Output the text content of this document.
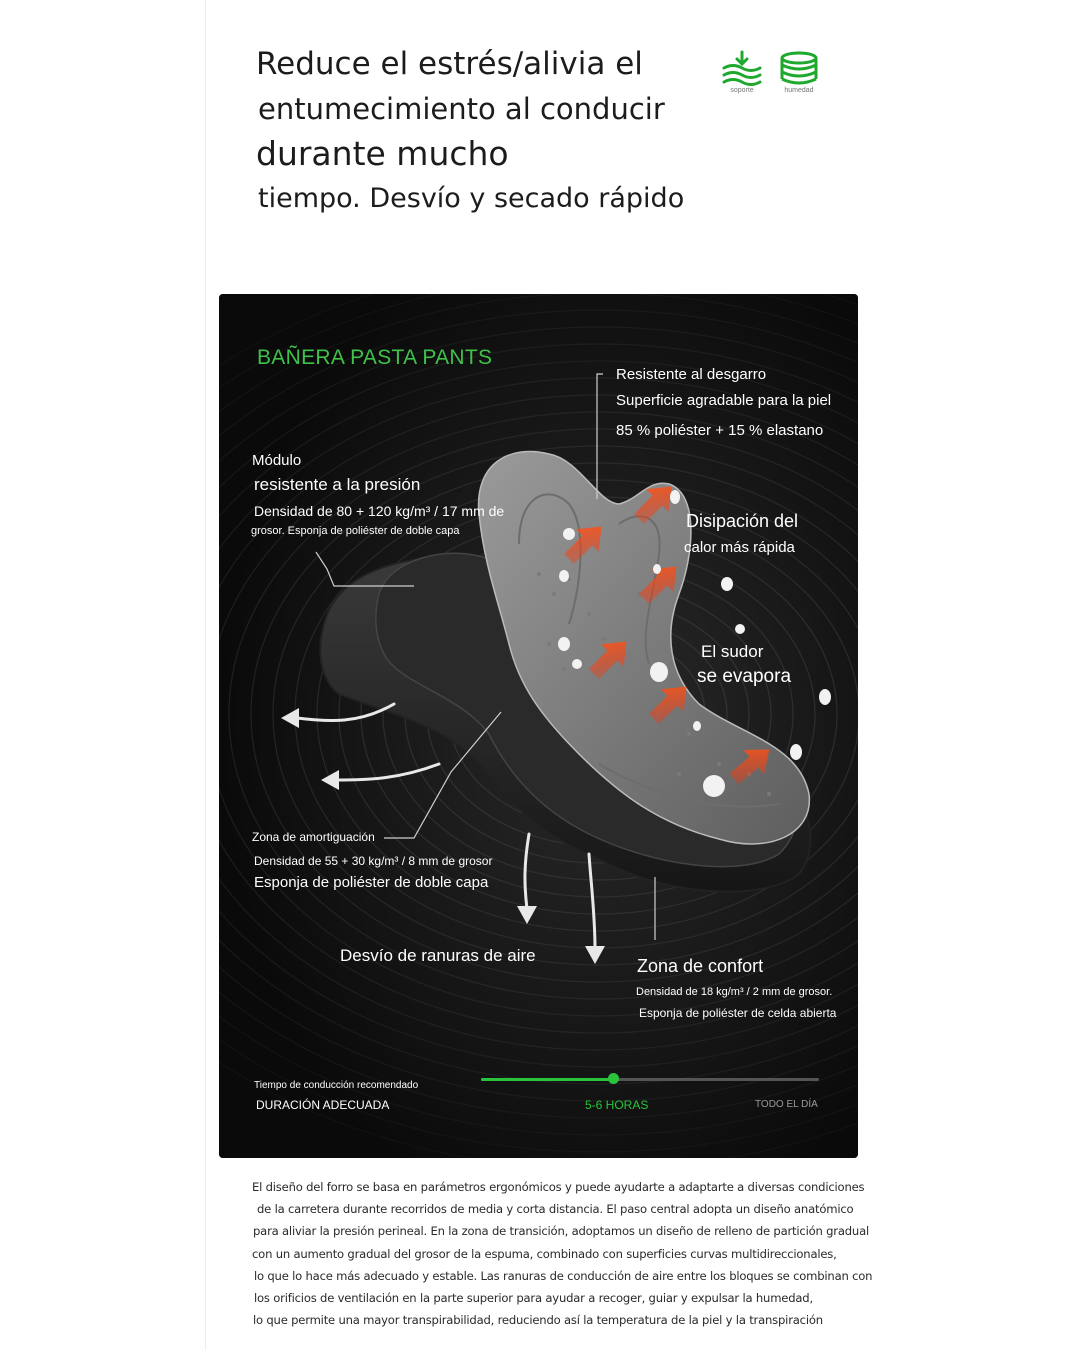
Reduce el estrés/alivia el
entumecimiento al conducir
durante mucho
tiempo. Desvío y secado rápido
soporte	humedad
BAÑERA PASTA PANTS
Resistente al desgarro
Superficie agradable para la piel
85 % poliéster + 15 % elastano
Módulo
resistente a la presión
Densidad de 80 + 120 kg/m³ / 17 mm de
grosor. Esponja de poliéster de doble capa	Disipación del
calor más rápida
El sudor
se evapora
Zona de amortiguación
Densidad de 55 + 30 kg/m³ / 8 mm de grosor
Esponja de poliéster de doble capa
Desvío de ranuras de aire
Zona de confort
Densidad de 18 kg/m³ / 2 mm de grosor.
Esponja de poliéster de celda abierta
Tiempo de conducción recomendado
DURACIÓN ADECUADA	5-6 HORAS	TODO EL DÍA
El diseño del forro se basa en parámetros ergonómicos y puede ayudarte a adaptarte a diversas condiciones
de la carretera durante recorridos de media y corta distancia. El paso central adopta un diseño anatómico
para aliviar la presión perineal. En la zona de transición, adoptamos un diseño de relleno de partición gradual
con un aumento gradual del grosor de la espuma, combinado con superficies curvas multidireccionales,
lo que lo hace más adecuado y estable. Las ranuras de conducción de aire entre los bloques se combinan con
los orificios de ventilación en la parte superior para ayudar a recoger, guiar y expulsar la humedad,
lo que permite una mayor transpirabilidad, reduciendo así la temperatura de la piel y la transpiración
